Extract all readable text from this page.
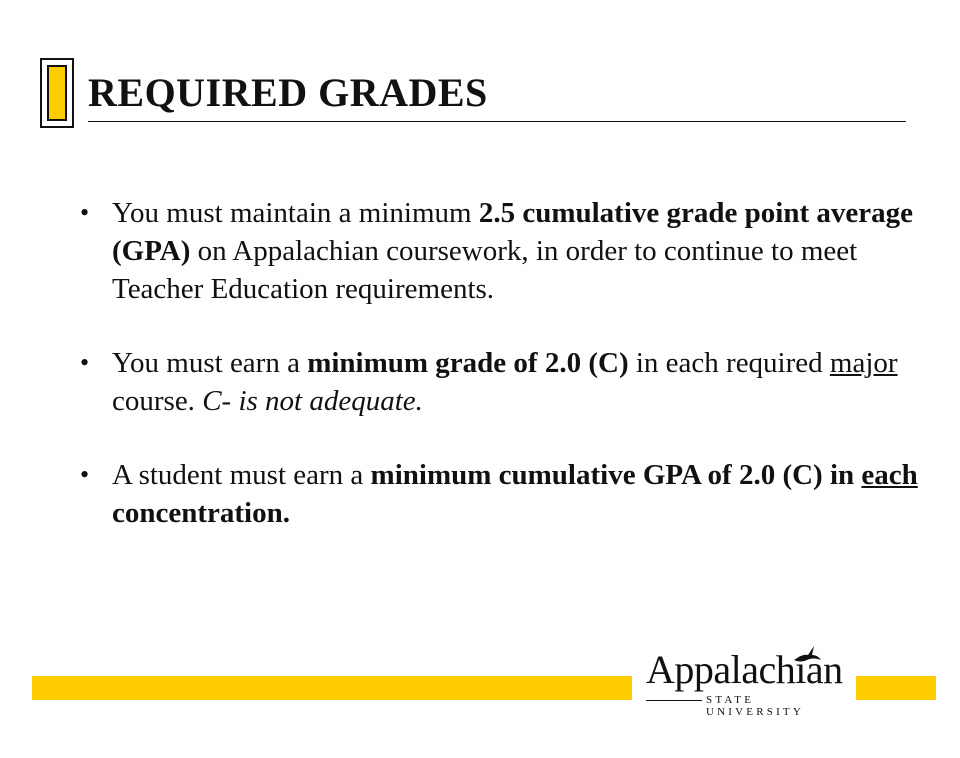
REQUIRED GRADES
• You must maintain a minimum 2.5 cumulative grade point average (GPA) on Appalachian coursework, in order to continue to meet Teacher Education requirements.
• You must earn a minimum grade of 2.0 (C) in each required major course. C- is not adequate.
• A student must earn a minimum cumulative GPA of 2.0 (C) in each concentration.
Appalachian
STATE UNIVERSITY
